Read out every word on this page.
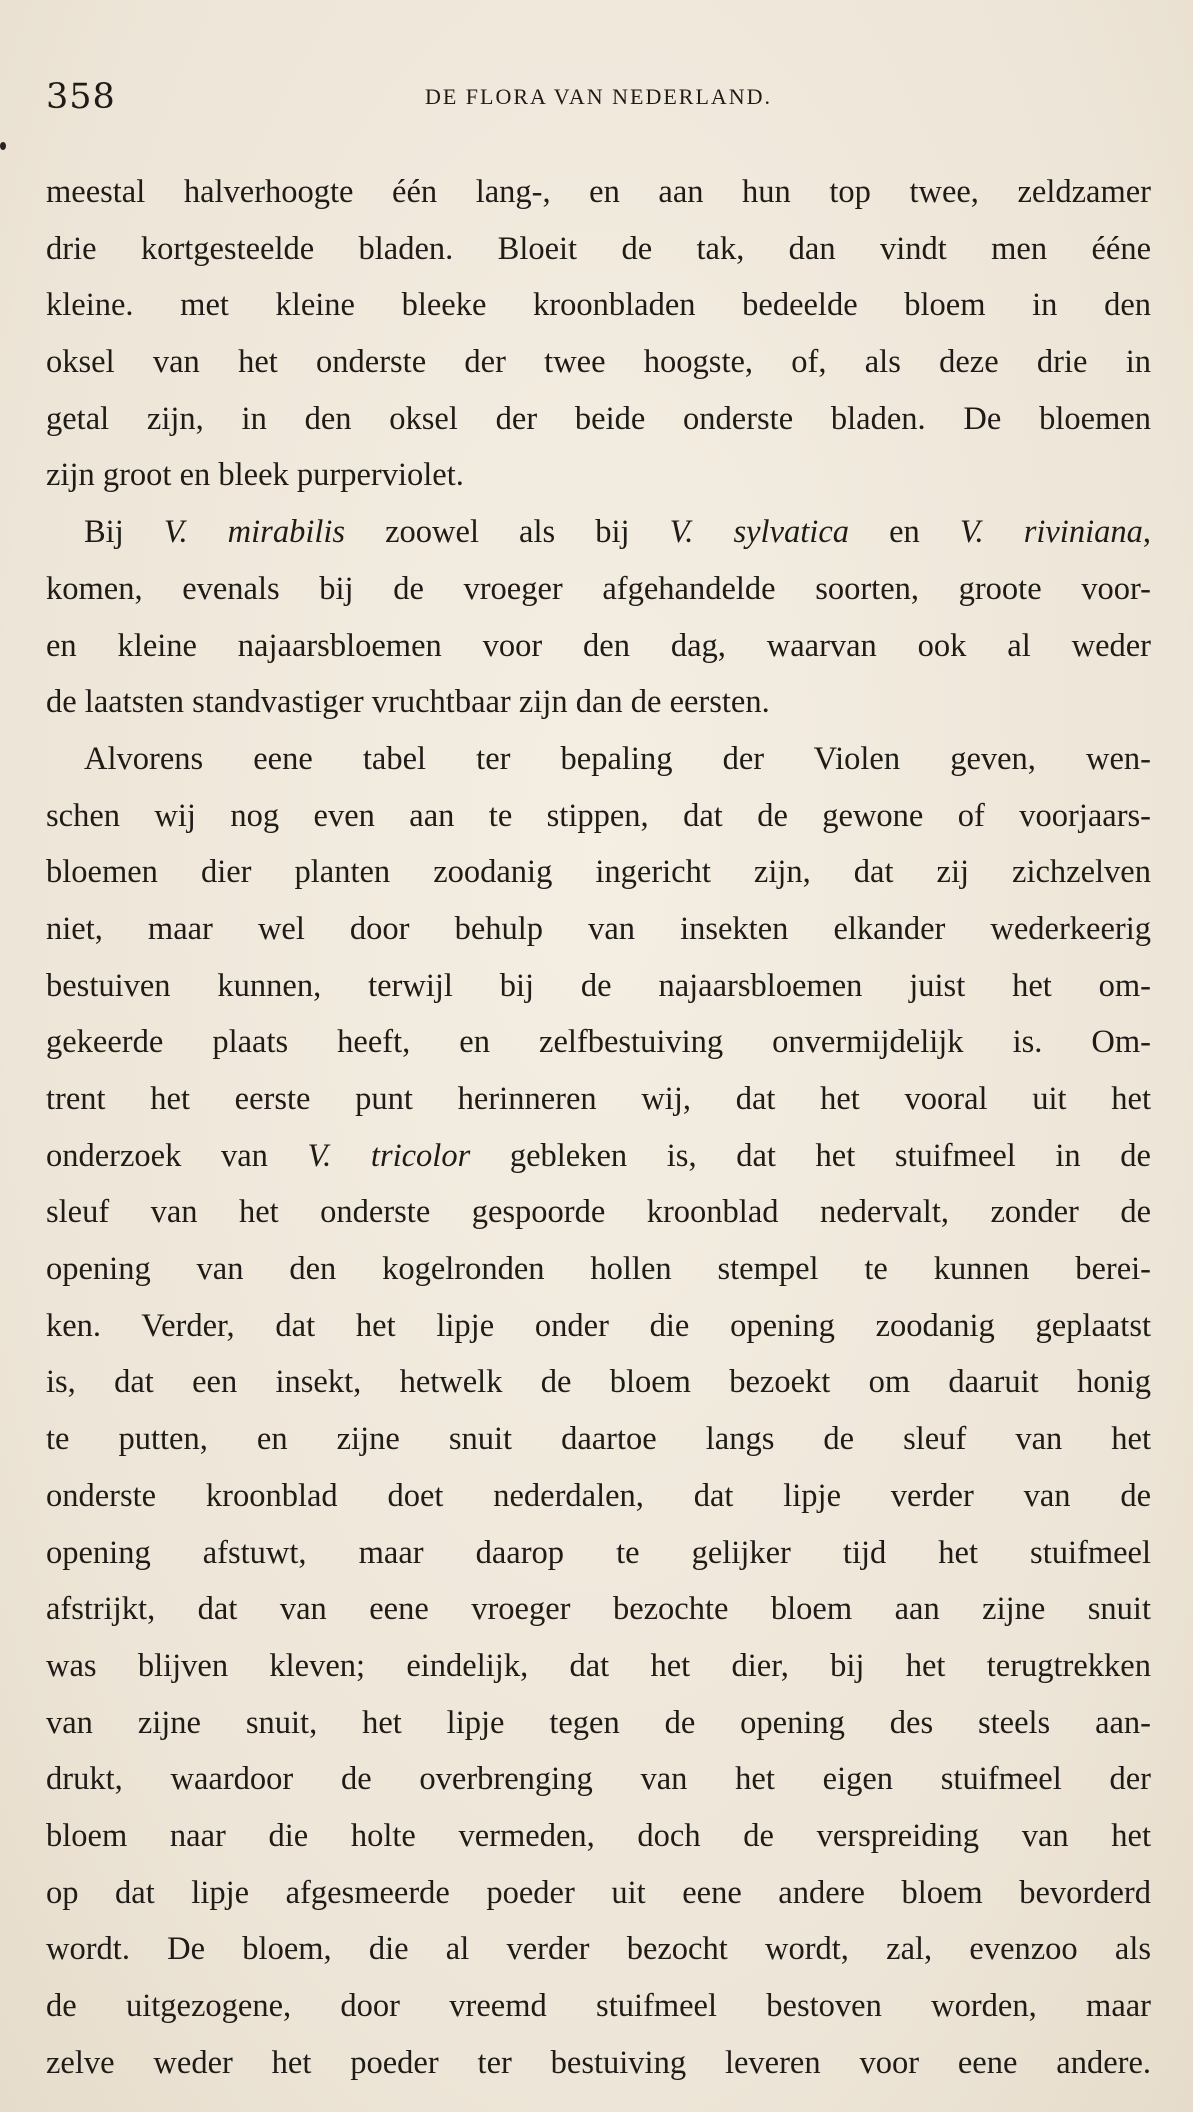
358	DE FLORA VAN NEDERLAND.
meestal halverhoogte één lang-, en aan hun top twee, zeldzamer
drie kortgesteelde bladen. Bloeit de tak, dan vindt men ééne
kleine. met kleine bleeke kroonbladen bedeelde bloem in den
oksel van het onderste der twee hoogste, of, als deze drie in
getal zijn, in den oksel der beide onderste bladen. De bloemen
zijn groot en bleek purperviolet.
Bij V. mirabilis zoowel als bij V. sylvatica en V. riviniana,
komen, evenals bij de vroeger afgehandelde soorten, groote voor-
en kleine najaarsbloemen voor den dag, waarvan ook al weder
de laatsten standvastiger vruchtbaar zijn dan de eersten.
Alvorens eene tabel ter bepaling der Violen geven, wen-
schen wij nog even aan te stippen, dat de gewone of voorjaars-
bloemen dier planten zoodanig ingericht zijn, dat zij zichzelven
niet, maar wel door behulp van insekten elkander wederkeerig
bestuiven kunnen, terwijl bij de najaarsbloemen juist het om-
gekeerde plaats heeft, en zelfbestuiving onvermijdelijk is. Om-
trent het eerste punt herinneren wij, dat het vooral uit het
onderzoek van V. tricolor gebleken is, dat het stuifmeel in de
sleuf van het onderste gespoorde kroonblad nedervalt, zonder de
opening van den kogelronden hollen stempel te kunnen berei-
ken. Verder, dat het lipje onder die opening zoodanig geplaatst
is, dat een insekt, hetwelk de bloem bezoekt om daaruit honig
te putten, en zijne snuit daartoe langs de sleuf van het
onderste kroonblad doet nederdalen, dat lipje verder van de
opening afstuwt, maar daarop te gelijker tijd het stuifmeel
afstrijkt, dat van eene vroeger bezochte bloem aan zijne snuit
was blijven kleven; eindelijk, dat het dier, bij het terugtrekken
van zijne snuit, het lipje tegen de opening des steels aan-
drukt, waardoor de overbrenging van het eigen stuifmeel der
bloem naar die holte vermeden, doch de verspreiding van het
op dat lipje afgesmeerde poeder uit eene andere bloem bevorderd
wordt. De bloem, die al verder bezocht wordt, zal, evenzoo als
de uitgezogene, door vreemd stuifmeel bestoven worden, maar
zelve weder het poeder ter bestuiving leveren voor eene andere.
